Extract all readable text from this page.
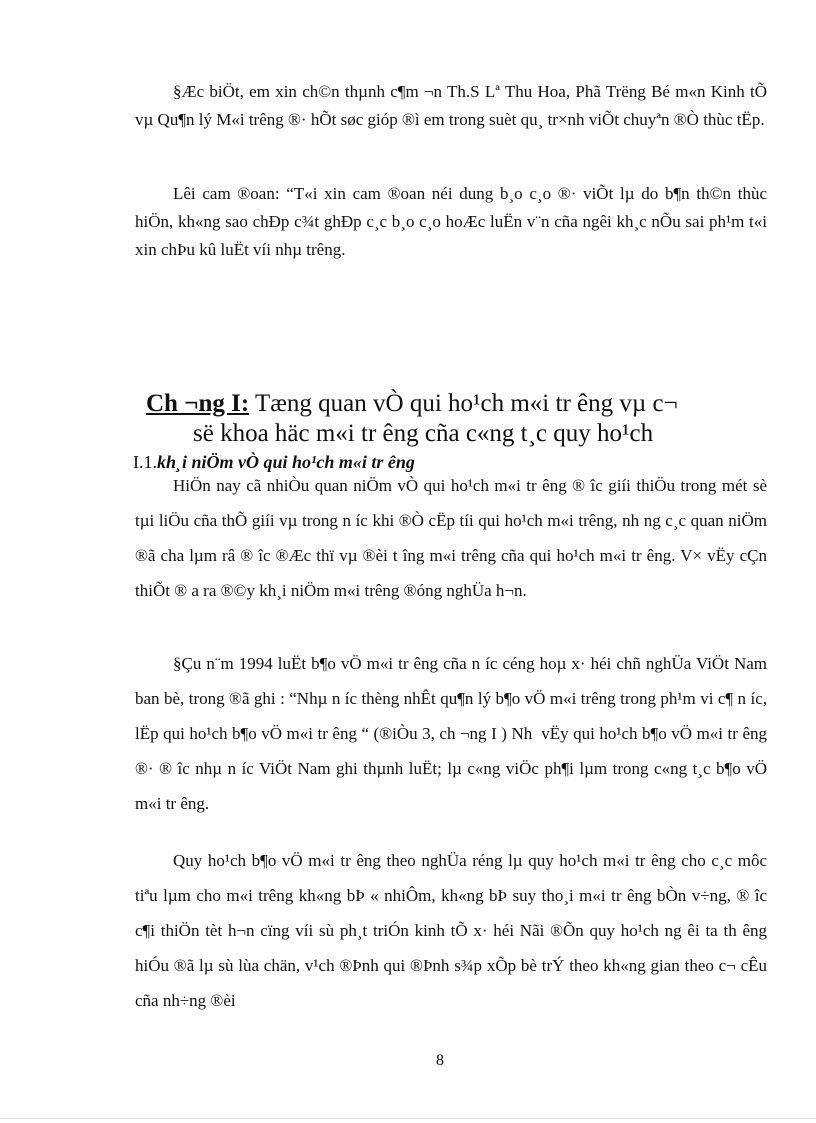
§Æc biÖt, em xin ch©n thµnh c¶m ¬n Th.S Lª Thu Hoa, Phã Trëng Bé m«n Kinh tÕ vµ Qu¶n lý M«i trêng ®· hÕt søc gióp ®ì em trong suèt qu¸ tr×nh viÕt chuyªn ®Ò thùc tËp.

Lêi cam ®oan: “T«i xin cam ®oan néi dung b¸o c¸o ®· viÕt lµ do b¶n th©n thùc hiÖn, kh«ng sao chÐp c¾t ghÐp c¸c b¸o c¸o hoÆc luËn v¨n cña ngêi kh¸c nÕu sai ph¹m t«i xin chÞu kû luËt víi nhµ trêng.

Ch ¬ng I: Tæng quan vÒ qui ho¹ch m«i tr êng vµ c¬
së khoa häc m«i tr êng cña c«ng t¸c quy ho¹ch
I.1.kh¸i niÖm vÒ qui ho¹ch m«i tr êng

HiÖn nay cã nhiÒu quan niÖm vÒ qui ho¹ch m«i tr êng ® îc giíi thiÖu trong mét sè tµi liÖu cña thÕ giíi vµ trong n íc khi ®Ò cËp tíi qui ho¹ch m«i trêng, nh ng c¸c quan niÖm ®ã cha lµm râ ® îc ®Æc thï vµ ®èi t îng m«i trêng cña qui ho¹ch m«i tr êng. V× vËy cÇn thiÕt ® a ra ®©y kh¸i niÖm m«i trêng ®óng nghÜa h¬n.

§Çu n¨m 1994 luËt b¶o vÖ m«i tr êng cña n íc céng hoµ x· héi chñ nghÜa ViÖt Nam ban bè, trong ®ã ghi : “Nhµ n íc thèng nhÊt qu¶n lý b¶o vÖ m«i trêng trong ph¹m vi c¶ n íc, lËp qui ho¹ch b¶o vÖ m«i tr êng “ (®iÒu 3, ch ¬ng I ) Nh vËy qui ho¹ch b¶o vÖ m«i tr êng ®· ® îc nhµ n íc ViÖt Nam ghi thµnh luËt; lµ c«ng viÖc ph¶i lµm trong c«ng t¸c b¶o vÖ m«i tr êng.

Quy ho¹ch b¶o vÖ m«i tr êng theo nghÜa réng lµ quy ho¹ch m«i tr êng cho c¸c môc tiªu lµm cho m«i trêng kh«ng bÞ « nhiÔm, kh«ng bÞ suy tho¸i m«i tr êng bÒn v÷ng, ® îc c¶i thiÖn tèt h¬n cïng víi sù ph¸t triÓn kinh tÕ x· héi Nãi ®Õn quy ho¹ch ng êi ta th êng hiÓu ®ã lµ sù lùa chän, v¹ch ®Þnh qui ®Þnh s¾p xÕp bè trÝ theo kh«ng gian theo c¬ cÊu cña nh÷ng ®èi

8
